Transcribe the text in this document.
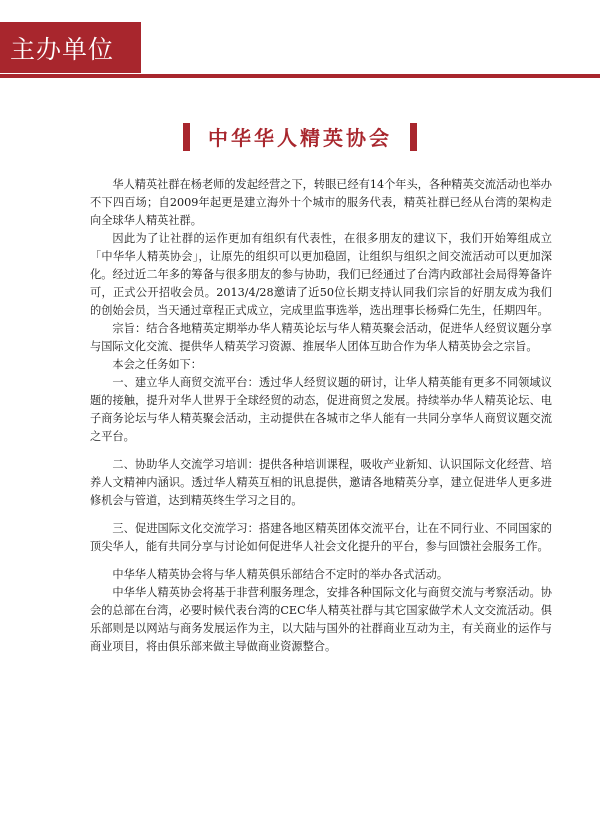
主办单位
中华华人精英协会

华人精英社群在杨老师的发起经营之下，转眼已经有14个年头，各种精英交流活动也举办不下四百场；自2009年起更是建立海外十个城市的服务代表，精英社群已经从台湾的架构走向全球华人精英社群。

因此为了让社群的运作更加有组织有代表性，在很多朋友的建议下，我们开始筹组成立「中华华人精英协会」，让原先的组织可以更加稳固，让组织与组织之间交流活动可以更加深化。经过近二年多的筹备与很多朋友的参与协助，我们已经通过了台湾内政部社会局得筹备许可，正式公开招收会员。2013/4/28邀请了近50位长期支持认同我们宗旨的好朋友成为我们的创始会员，当天通过章程正式成立，完成里监事选举，选出理事长杨舜仁先生，任期四年。

宗旨：结合各地精英定期举办华人精英论坛与华人精英聚会活动，促进华人经贸议题分享与国际文化交流、提供华人精英学习资源、推展华人团体互助合作为华人精英协会之宗旨。

本会之任务如下：

一、建立华人商贸交流平台：透过华人经贸议题的研讨，让华人精英能有更多不同领域议题的接触，提升对华人世界于全球经贸的动态，促进商贸之发展。持续举办华人精英论坛、电子商务论坛与华人精英聚会活动，主动提供在各城市之华人能有一共同分享华人商贸议题交流之平台。

二、协助华人交流学习培训：提供各种培训课程，吸收产业新知、认识国际文化经营、培养人文精神内涵识。透过华人精英互相的讯息提供，邀请各地精英分享，建立促进华人更多进修机会与管道，达到精英终生学习之目的。

三、促进国际文化交流学习：搭建各地区精英团体交流平台，让在不同行业、不同国家的顶尖华人，能有共同分享与讨论如何促进华人社会文化提升的平台，参与回馈社会服务工作。

中华华人精英协会将与华人精英俱乐部结合不定时的举办各式活动。

中华华人精英协会将基于非营利服务理念，安排各种国际文化与商贸交流与考察活动。协会的总部在台湾，必要时候代表台湾的CEC华人精英社群与其它国家做学术人文交流活动。俱乐部则是以网站与商务发展运作为主，以大陆与国外的社群商业互动为主，有关商业的运作与商业项目，将由俱乐部来做主导做商业资源整合。
